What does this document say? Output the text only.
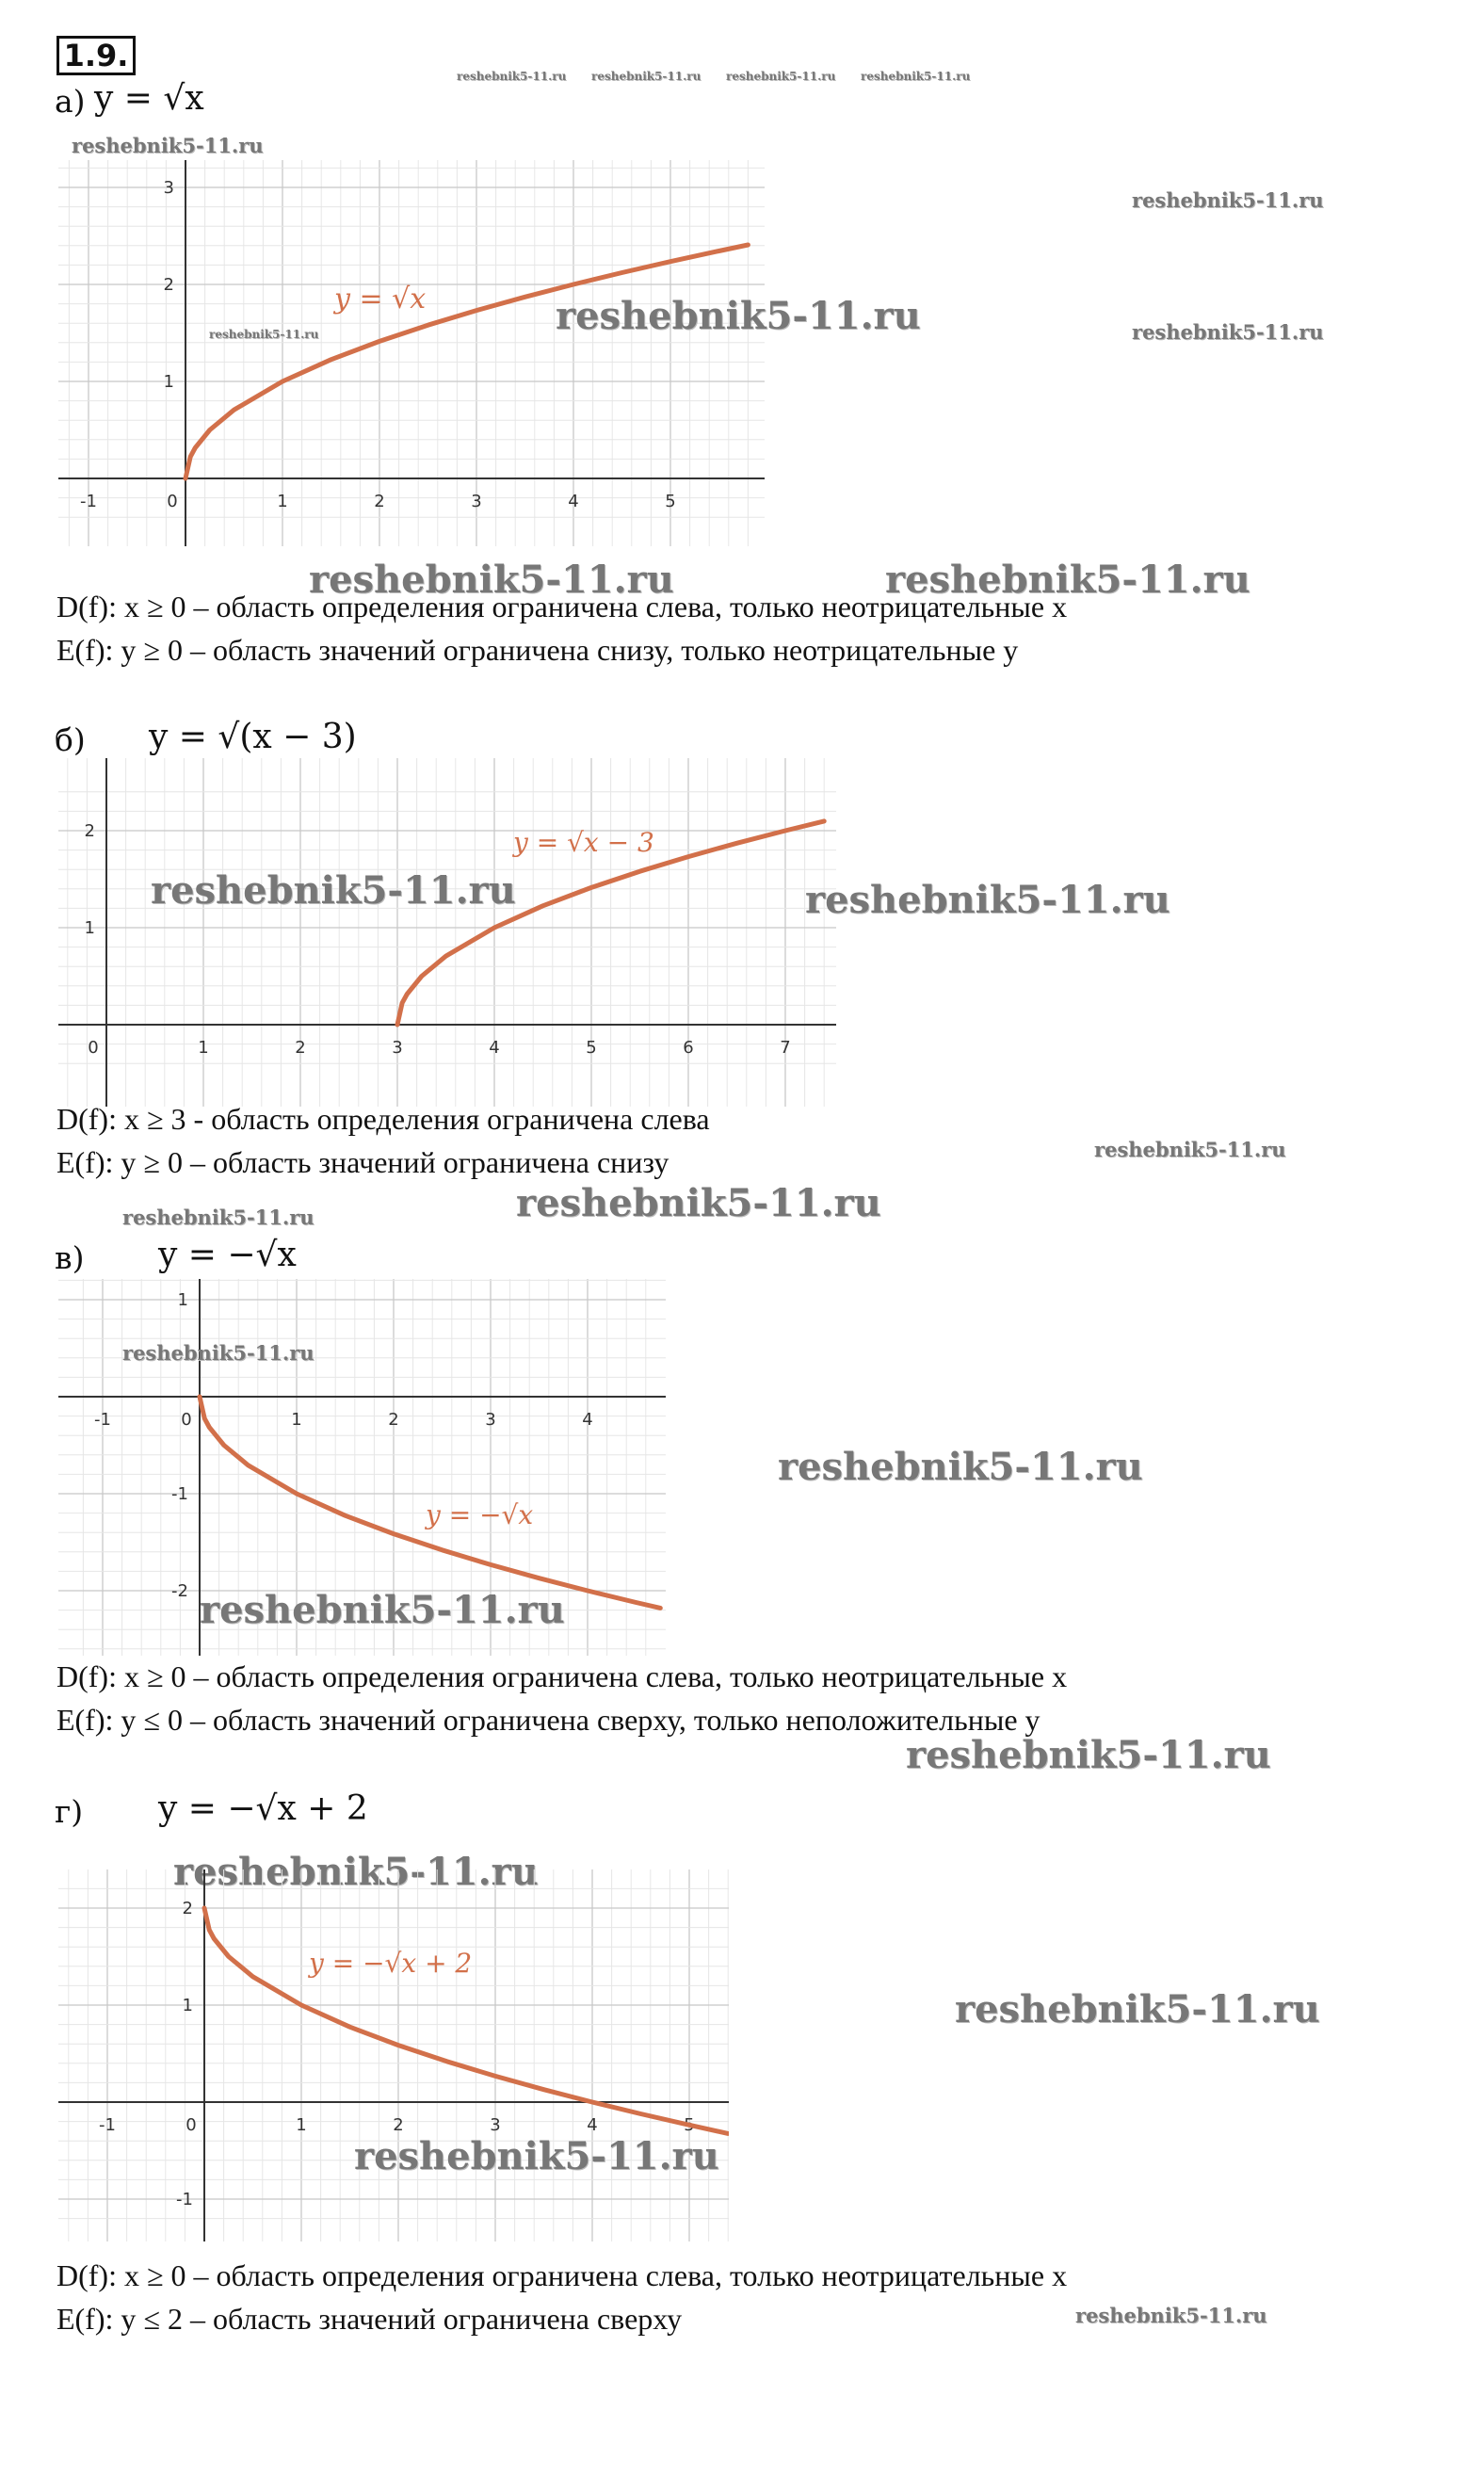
1.9.
reshebnik5-11.ru reshebnik5-11.ru reshebnik5-11.ru reshebnik5-11.ru
а) y = √x
reshebnik5-11.ru
-1	0	1	2	3	4	5
1
2
3
y = √x
reshebnik5-11.ru
reshebnik5-11.ru
reshebnik5-11.ru	reshebnik5-11.ru
reshebnik5-11.ru	reshebnik5-11.ru
D(f): x ≥ 0 – область определения ограничена слева, только неотрицательные x
E(f): y ≥ 0 – область значений ограничена снизу, только неотрицательные y
б) y = √(x − 3)
0	1	2	3	4	5	6	7
1
2	y = √x − 3
reshebnik5-11.ru	reshebnik5-11.ru
D(f): x ≥ 3 - область определения ограничена слева
reshebnik5-11.ru
E(f): y ≥ 0 – область значений ограничена снизу
reshebnik5-11.ru
reshebnik5-11.ru
в) y = −√x
-1	0	1	2	3	4
1
-1
-2
reshebnik5-11.ru
y = −√x
reshebnik5-11.ru
reshebnik5-11.ru
D(f): x ≥ 0 – область определения ограничена слева, только неотрицательные x
E(f): y ≤ 0 – область значений ограничена сверху, только неположительные y
reshebnik5-11.ru
г) y = −√x + 2
reshebnik5-11.ru
-1	0	1	2	3	4	5
2
1
-1
y = −√x + 2
reshebnik5-11.ru
reshebnik5-11.ru
D(f): x ≥ 0 – область определения ограничена слева, только неотрицательные x
E(f): y ≤ 2 – область значений ограничена сверху	reshebnik5-11.ru
